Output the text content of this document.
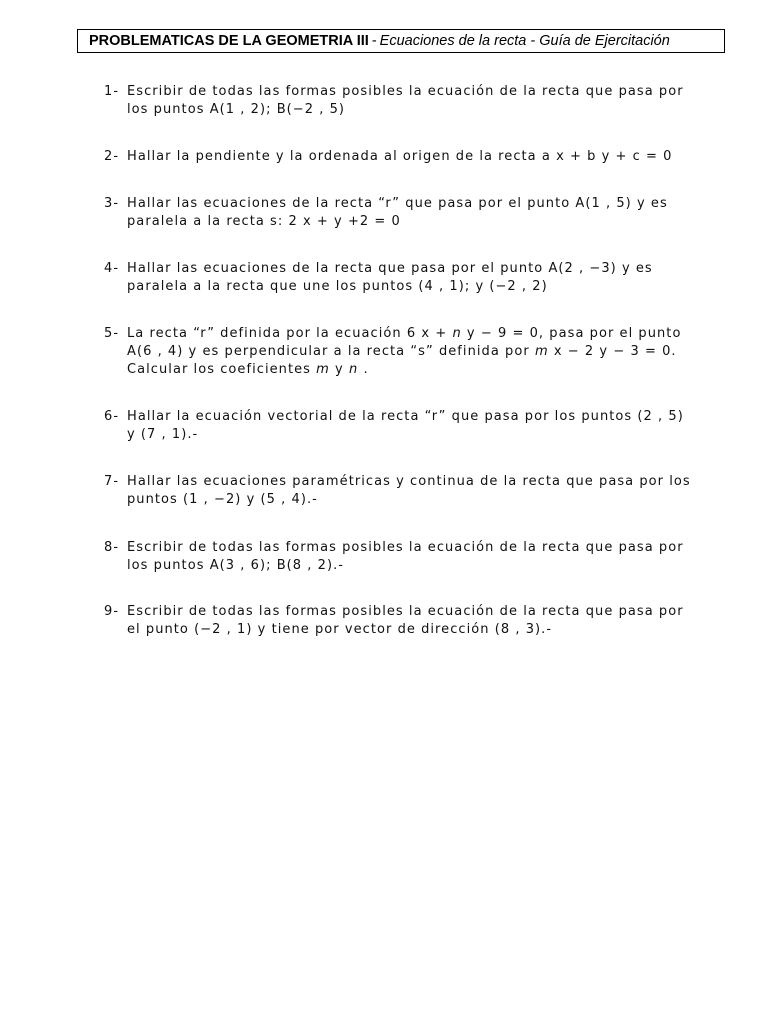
PROBLEMATICAS DE LA GEOMETRIA III - Ecuaciones de la recta - Guía de Ejercitación
1- Escribir de todas las formas posibles la ecuación de la recta que pasa por
los puntos A(1 , 2); B(−2 , 5)
2- Hallar la pendiente y la ordenada al origen de la recta a x + b y + c = 0
3- Hallar las ecuaciones de la recta “r” que pasa por el punto A(1 , 5) y es
paralela a la recta s: 2 x + y +2 = 0
4- Hallar las ecuaciones de la recta que pasa por el punto A(2 , −3) y es
paralela a la recta que une los puntos (4 , 1); y (−2 , 2)
5- La recta “r” definida por la ecuación 6 x + n y − 9 = 0, pasa por el punto
A(6 , 4) y es perpendicular a la recta “s” definida por m x − 2 y − 3 = 0.
Calcular los coeficientes m y n .
6- Hallar la ecuación vectorial de la recta “r” que pasa por los puntos (2 , 5)
y (7 , 1).-
7- Hallar las ecuaciones paramétricas y continua de la recta que pasa por los
puntos (1 , −2) y (5 , 4).-
8- Escribir de todas las formas posibles la ecuación de la recta que pasa por
los puntos A(3 , 6); B(8 , 2).-
9- Escribir de todas las formas posibles la ecuación de la recta que pasa por
el punto (−2 , 1) y tiene por vector de dirección (8 , 3).-
